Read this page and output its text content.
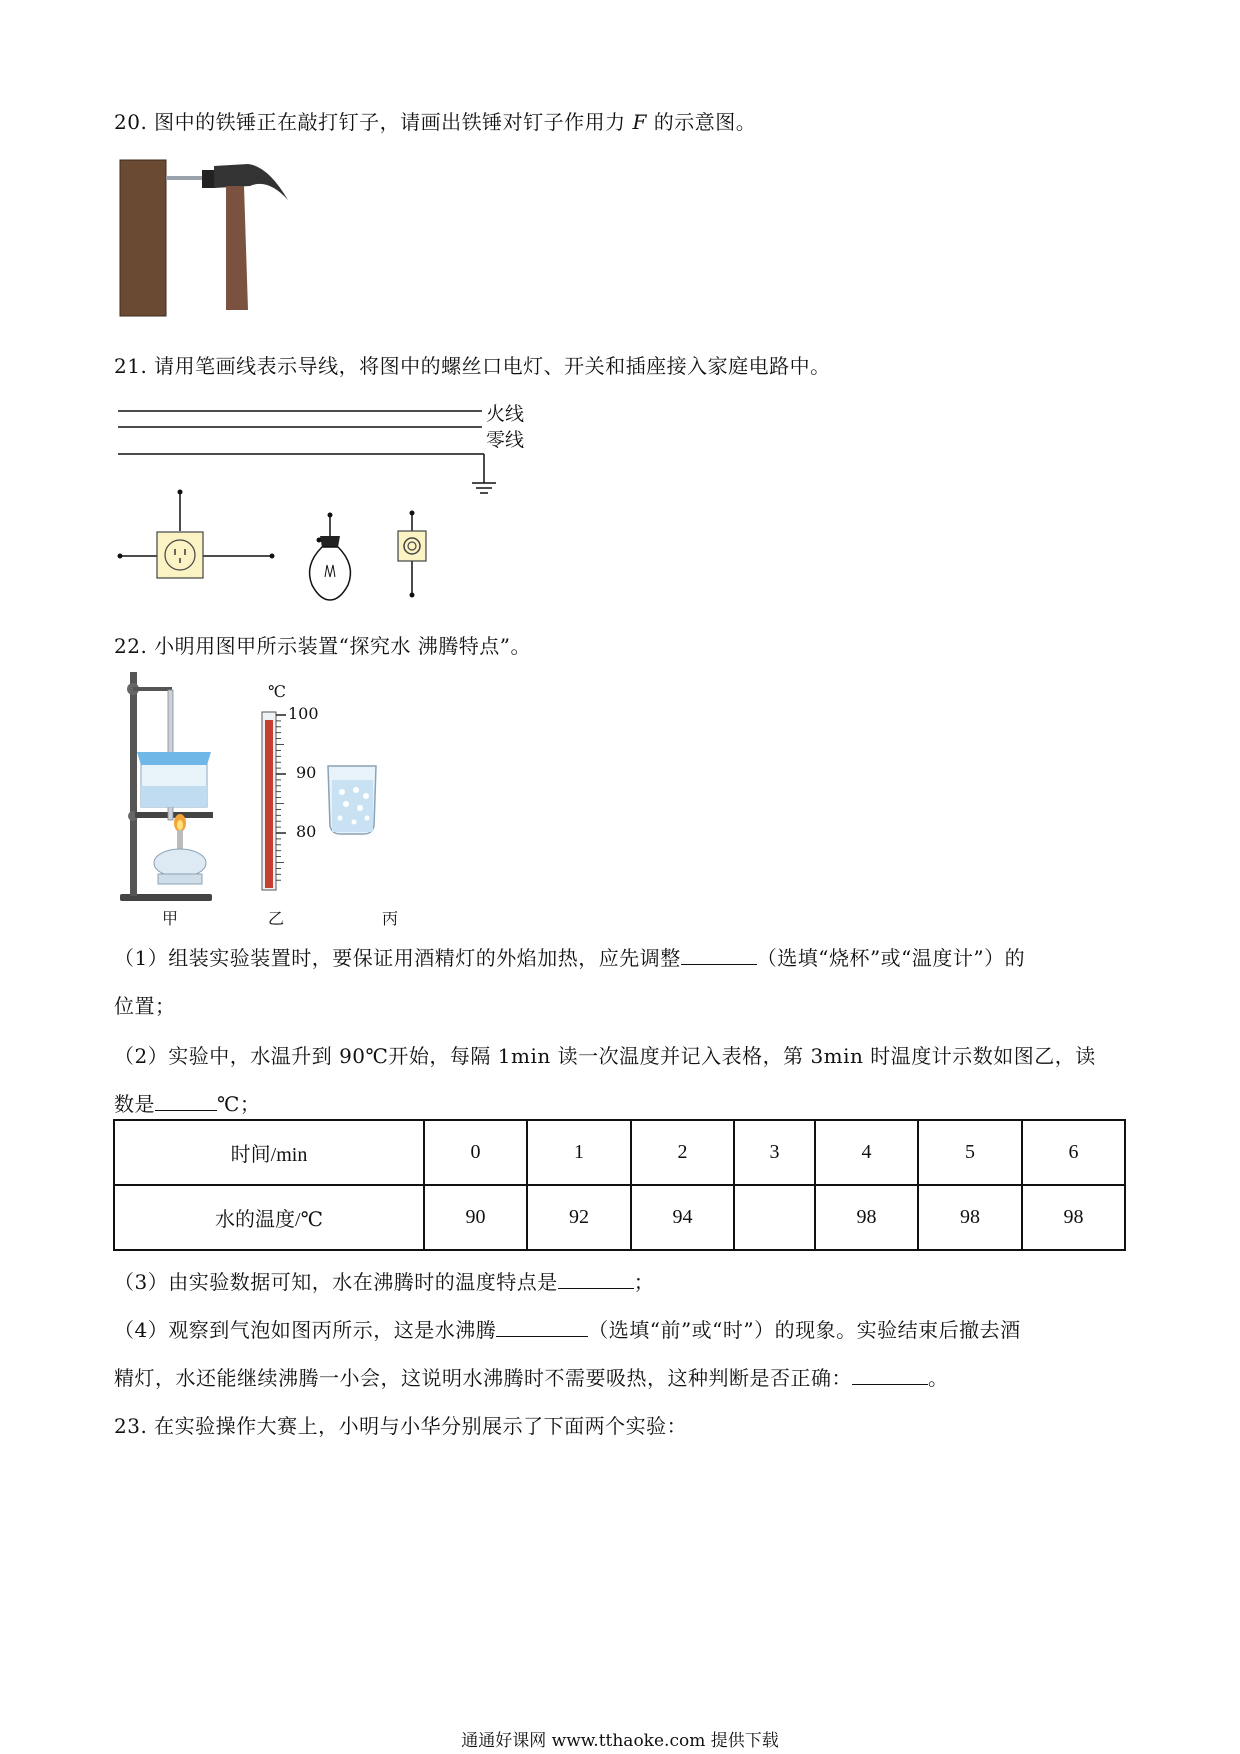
20. 图中的铁锤正在敲打钉子，请画出铁锤对钉子作用力 F 的示意图。
21. 请用笔画线表示导线，将图中的螺丝口电灯、开关和插座接入家庭电路中。
火线
零线
22. 小明用图甲所示装置“探究水 沸腾特点”。
℃
100
90
80
甲	乙	丙
（1）组装实验装置时，要保证用酒精灯的外焰加热，应先调整	（选填“烧杯”或“温度计”）的
位置；
（2）实验中，水温升到 90℃开始，每隔 1min 读一次温度并记入表格，第 3min 时温度计示数如图乙，读
数是	℃；
时间/min	0	1	2	3	4	5	6
水的温度/℃	90	92	94		98	98	98
（3）由实验数据可知，水在沸腾时的温度特点是	；
（4）观察到气泡如图丙所示，这是水沸腾	（选填“前”或“时”）的现象。实验结束后撤去酒
精灯，水还能继续沸腾一小会，这说明水沸腾时不需要吸热，这种判断是否正确：	。
23. 在实验操作大赛上，小明与小华分别展示了下面两个实验：
通通好课网 www.tthaoke.com 提供下载
